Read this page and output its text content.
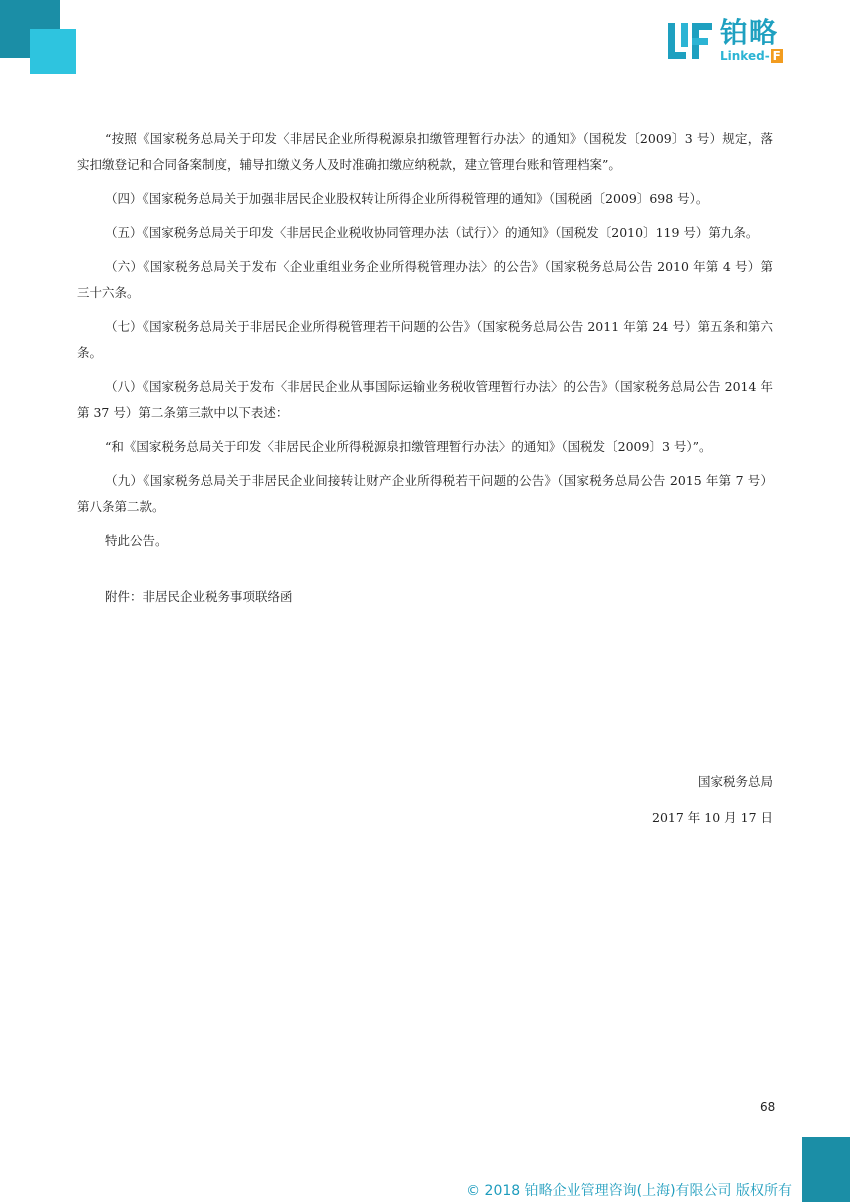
铂略
Linked- F

“按照《国家税务总局关于印发〈非居民企业所得税源泉扣缴管理暂行办法〉的通知》（国税发〔2009〕3 号）规定，落实扣缴登记和合同备案制度，辅导扣缴义务人及时准确扣缴应纳税款，建立管理台账和管理档案”。

（四）《国家税务总局关于加强非居民企业股权转让所得企业所得税管理的通知》（国税函〔2009〕698 号）。

（五）《国家税务总局关于印发〈非居民企业税收协同管理办法（试行）〉的通知》（国税发〔2010〕119 号）第九条。

（六）《国家税务总局关于发布〈企业重组业务企业所得税管理办法〉的公告》（国家税务总局公告 2010 年第 4 号）第三十六条。

（七）《国家税务总局关于非居民企业所得税管理若干问题的公告》（国家税务总局公告 2011 年第 24 号）第五条和第六条。

（八）《国家税务总局关于发布〈非居民企业从事国际运输业务税收管理暂行办法〉的公告》（国家税务总局公告 2014 年第 37 号）第二条第三款中以下表述：

“和《国家税务总局关于印发〈非居民企业所得税源泉扣缴管理暂行办法〉的通知》（国税发〔2009〕3 号）”。

（九）《国家税务总局关于非居民企业间接转让财产企业所得税若干问题的公告》（国家税务总局公告 2015 年第 7 号）第八条第二款。

特此公告。

附件：非居民企业税务事项联络函

国家税务总局
2017 年 10 月 17 日
68
© 2018 铂略企业管理咨询(上海)有限公司 版权所有
